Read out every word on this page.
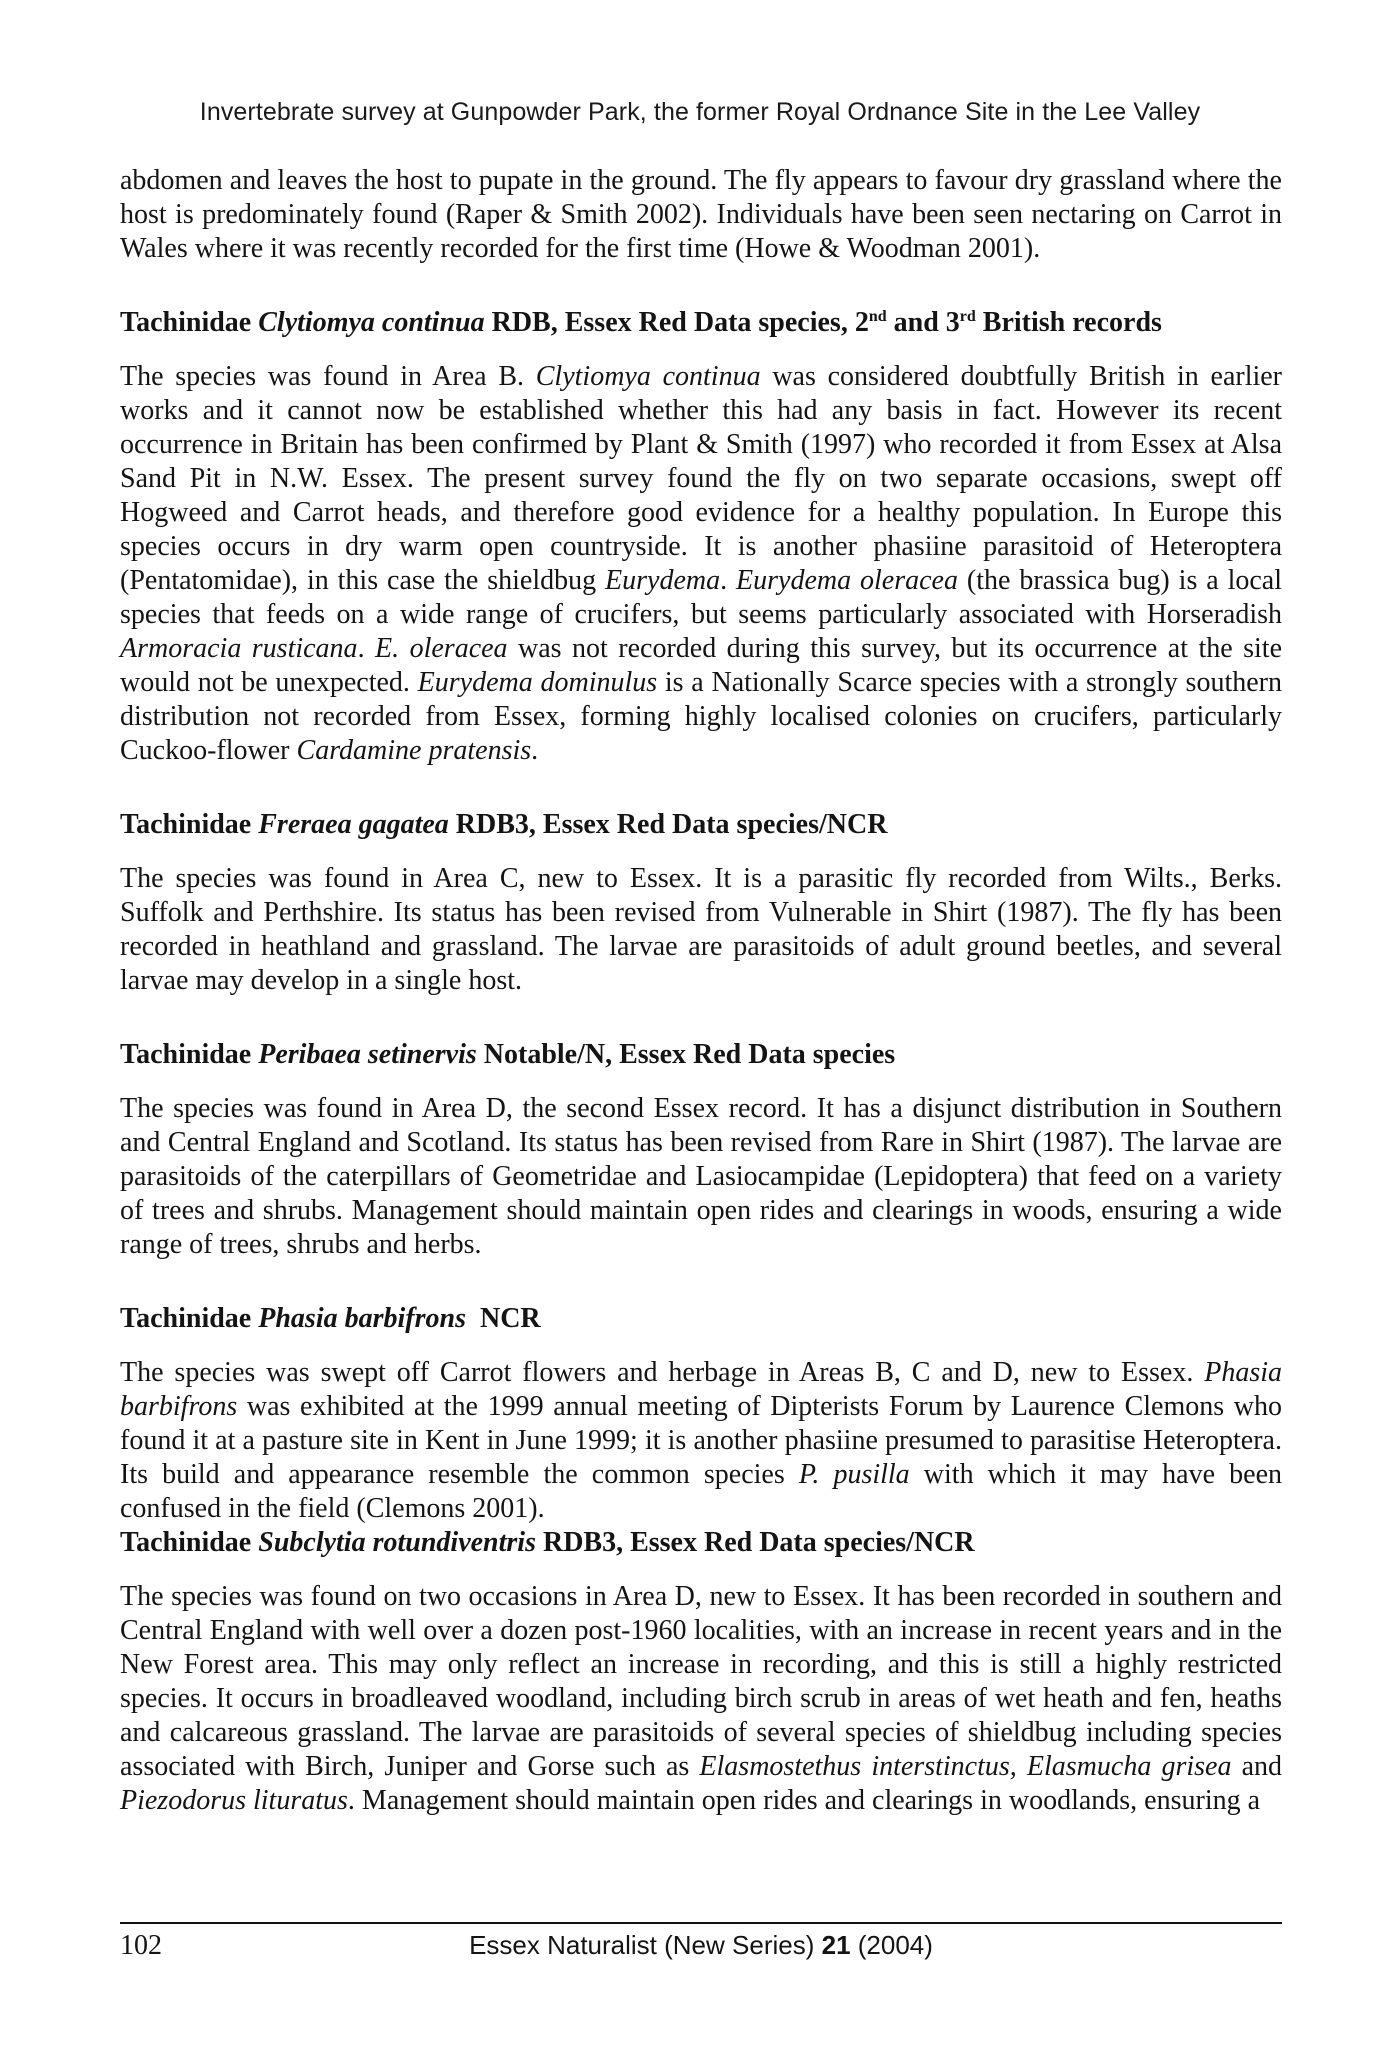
Invertebrate survey at Gunpowder Park, the former Royal Ordnance Site in the Lee Valley

abdomen and leaves the host to pupate in the ground. The fly appears to favour dry grassland where the host is predominately found (Raper & Smith 2002). Individuals have been seen nectaring on Carrot in Wales where it was recently recorded for the first time (Howe & Woodman 2001).

Tachinidae Clytiomya continua RDB, Essex Red Data species, 2nd and 3rd British records

The species was found in Area B. Clytiomya continua was considered doubtfully British in earlier works and it cannot now be established whether this had any basis in fact. However its recent occurrence in Britain has been confirmed by Plant & Smith (1997) who recorded it from Essex at Alsa Sand Pit in N.W. Essex. The present survey found the fly on two separate occasions, swept off Hogweed and Carrot heads, and therefore good evidence for a healthy population. In Europe this species occurs in dry warm open countryside. It is another phasiine parasitoid of Heteroptera (Pentatomidae), in this case the shieldbug Eurydema. Eurydema oleracea (the brassica bug) is a local species that feeds on a wide range of crucifers, but seems particularly associated with Horseradish Armoracia rusticana. E. oleracea was not recorded during this survey, but its occurrence at the site would not be unexpected. Eurydema dominulus is a Nationally Scarce species with a strongly southern distribution not recorded from Essex, forming highly localised colonies on crucifers, particularly Cuckoo-flower Cardamine pratensis.

Tachinidae Freraea gagatea RDB3, Essex Red Data species/NCR

The species was found in Area C, new to Essex. It is a parasitic fly recorded from Wilts., Berks. Suffolk and Perthshire. Its status has been revised from Vulnerable in Shirt (1987). The fly has been recorded in heathland and grassland. The larvae are parasitoids of adult ground beetles, and several larvae may develop in a single host.

Tachinidae Peribaea setinervis Notable/N, Essex Red Data species

The species was found in Area D, the second Essex record. It has a disjunct distribution in Southern and Central England and Scotland. Its status has been revised from Rare in Shirt (1987). The larvae are parasitoids of the caterpillars of Geometridae and Lasiocampidae (Lepidoptera) that feed on a variety of trees and shrubs. Management should maintain open rides and clearings in woods, ensuring a wide range of trees, shrubs and herbs.

Tachinidae Phasia barbifrons  NCR

The species was swept off Carrot flowers and herbage in Areas B, C and D, new to Essex. Phasia barbifrons was exhibited at the 1999 annual meeting of Dipterists Forum by Laurence Clemons who found it at a pasture site in Kent in June 1999; it is another phasiine presumed to parasitise Heteroptera. Its build and appearance resemble the common species P. pusilla with which it may have been confused in the field (Clemons 2001).

Tachinidae Subclytia rotundiventris RDB3, Essex Red Data species/NCR

The species was found on two occasions in Area D, new to Essex. It has been recorded in southern and Central England with well over a dozen post-1960 localities, with an increase in recent years and in the New Forest area. This may only reflect an increase in recording, and this is still a highly restricted species. It occurs in broadleaved woodland, including birch scrub in areas of wet heath and fen, heaths and calcareous grassland. The larvae are parasitoids of several species of shieldbug including species associated with Birch, Juniper and Gorse such as Elasmostethus interstinctus, Elasmucha grisea and Piezodorus lituratus. Management should maintain open rides and clearings in woodlands, ensuring a

102	Essex Naturalist (New Series) 21 (2004)
